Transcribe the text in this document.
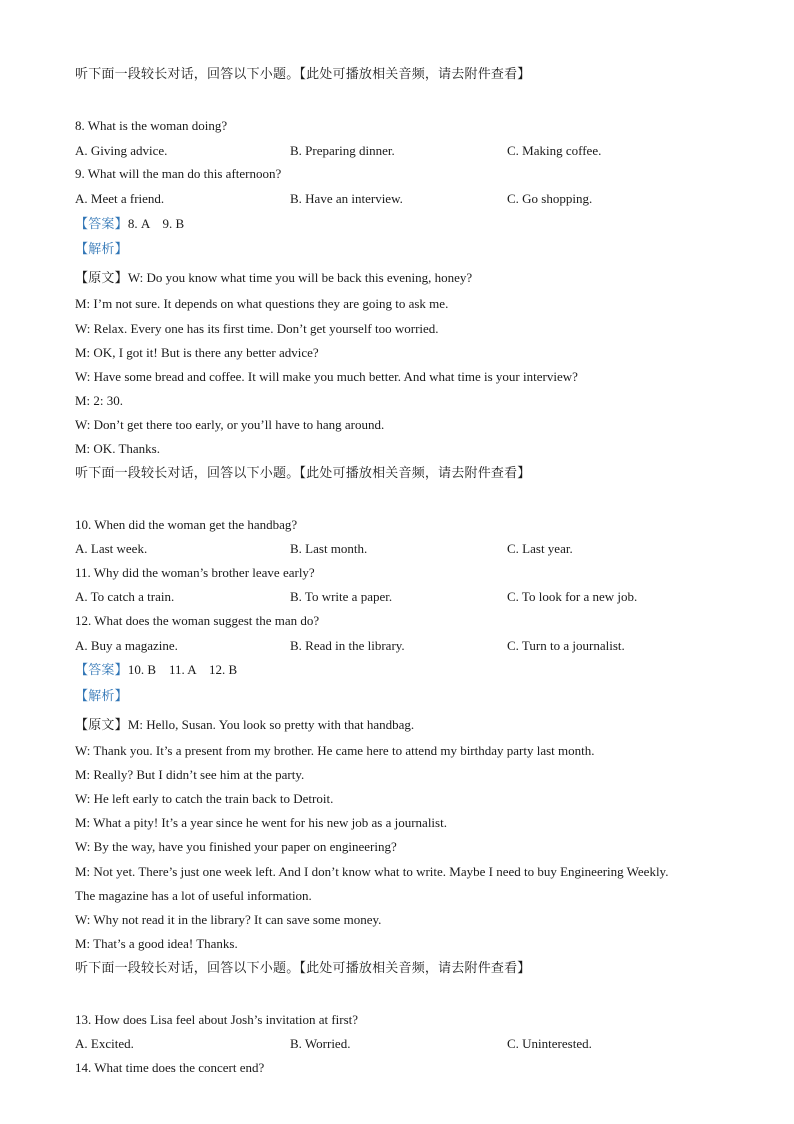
听下面一段较长对话，回答以下小题。【此处可播放相关音频，请去附件查看】
8. What is the woman doing?
A. Giving advice.	B. Preparing dinner.	C. Making coffee.
9. What will the man do this afternoon?
A. Meet a friend.	B. Have an interview.	C. Go shopping.
【答案】8. A    9. B
【解析】
【原文】W: Do you know what time you will be back this evening, honey?
M: I’m not sure. It depends on what questions they are going to ask me.
W: Relax. Every one has its first time. Don’t get yourself too worried.
M: OK, I got it! But is there any better advice?
W: Have some bread and coffee. It will make you much better. And what time is your interview?
M: 2: 30.
W: Don’t get there too early, or you’ll have to hang around.
M: OK. Thanks.
听下面一段较长对话，回答以下小题。【此处可播放相关音频，请去附件查看】
10. When did the woman get the handbag?
A. Last week.	B. Last month.	C. Last year.
11. Why did the woman’s brother leave early?
A. To catch a train.	B. To write a paper.	C. To look for a new job.
12. What does the woman suggest the man do?
A. Buy a magazine.	B. Read in the library.	C. Turn to a journalist.
【答案】10. B    11. A    12. B
【解析】
【原文】M: Hello, Susan. You look so pretty with that handbag.
W: Thank you. It’s a present from my brother. He came here to attend my birthday party last month.
M: Really? But I didn’t see him at the party.
W: He left early to catch the train back to Detroit.
M: What a pity! It’s a year since he went for his new job as a journalist.
W: By the way, have you finished your paper on engineering?
M: Not yet. There’s just one week left. And I don’t know what to write. Maybe I need to buy Engineering Weekly.
The magazine has a lot of useful information.
W: Why not read it in the library? It can save some money.
M: That’s a good idea! Thanks.
听下面一段较长对话，回答以下小题。【此处可播放相关音频，请去附件查看】
13. How does Lisa feel about Josh’s invitation at first?
A. Excited.	B. Worried.	C. Uninterested.
14. What time does the concert end?
